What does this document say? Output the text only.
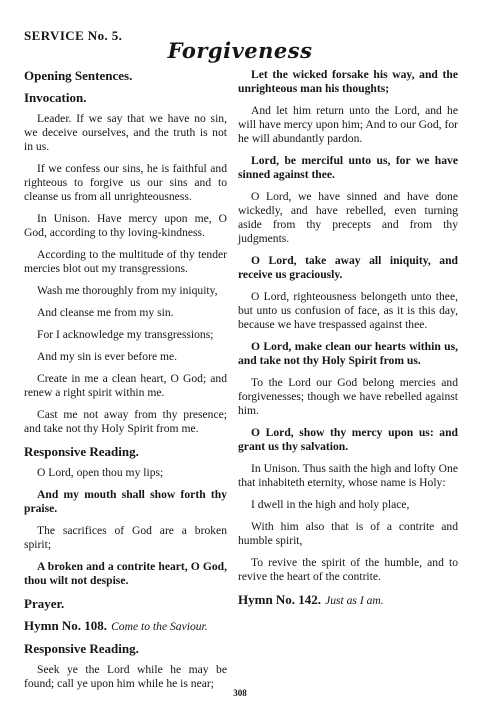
SERVICE No. 5.
Forgiveness
Opening Sentences.
Invocation.

Leader. If we say that we have no sin, we deceive ourselves, and the truth is not in us.

If we confess our sins, he is faithful and righteous to forgive us our sins and to cleanse us from all unrighteousness.

In Unison. Have mercy upon me, O God, according to thy loving-kindness.

According to the multitude of thy tender mercies blot out my transgressions.

Wash me thoroughly from my iniquity,

And cleanse me from my sin.

For I acknowledge my transgressions;

And my sin is ever before me.

Create in me a clean heart, O God; and renew a right spirit within me.

Cast me not away from thy presence; and take not thy Holy Spirit from me.

Responsive Reading.

O Lord, open thou my lips;

And my mouth shall show forth thy praise.

The sacrifices of God are a broken spirit;

A broken and a contrite heart, O God, thou wilt not despise.

Prayer.
Hymn No. 108. Come to the Saviour.
Responsive Reading.

Seek ye the Lord while he may be found; call ye upon him while he is near;

Let the wicked forsake his way, and the unrighteous man his thoughts;

And let him return unto the Lord, and he will have mercy upon him; And to our God, for he will abundantly pardon.

Lord, be merciful unto us, for we have sinned against thee.

O Lord, we have sinned and have done wickedly, and have rebelled, even turning aside from thy precepts and from thy judgments.

O Lord, take away all iniquity, and receive us graciously.

O Lord, righteousness belongeth unto thee, but unto us confusion of face, as it is this day, because we have trespassed against thee.

O Lord, make clean our hearts within us, and take not thy Holy Spirit from us.

To the Lord our God belong mercies and forgivenesses; though we have rebelled against him.

O Lord, show thy mercy upon us: and grant us thy salvation.

In Unison. Thus saith the high and lofty One that inhabiteth eternity, whose name is Holy:

I dwell in the high and holy place,

With him also that is of a contrite and humble spirit,

To revive the spirit of the humble, and to revive the heart of the contrite.

Hymn No. 142. Just as I am.
308
